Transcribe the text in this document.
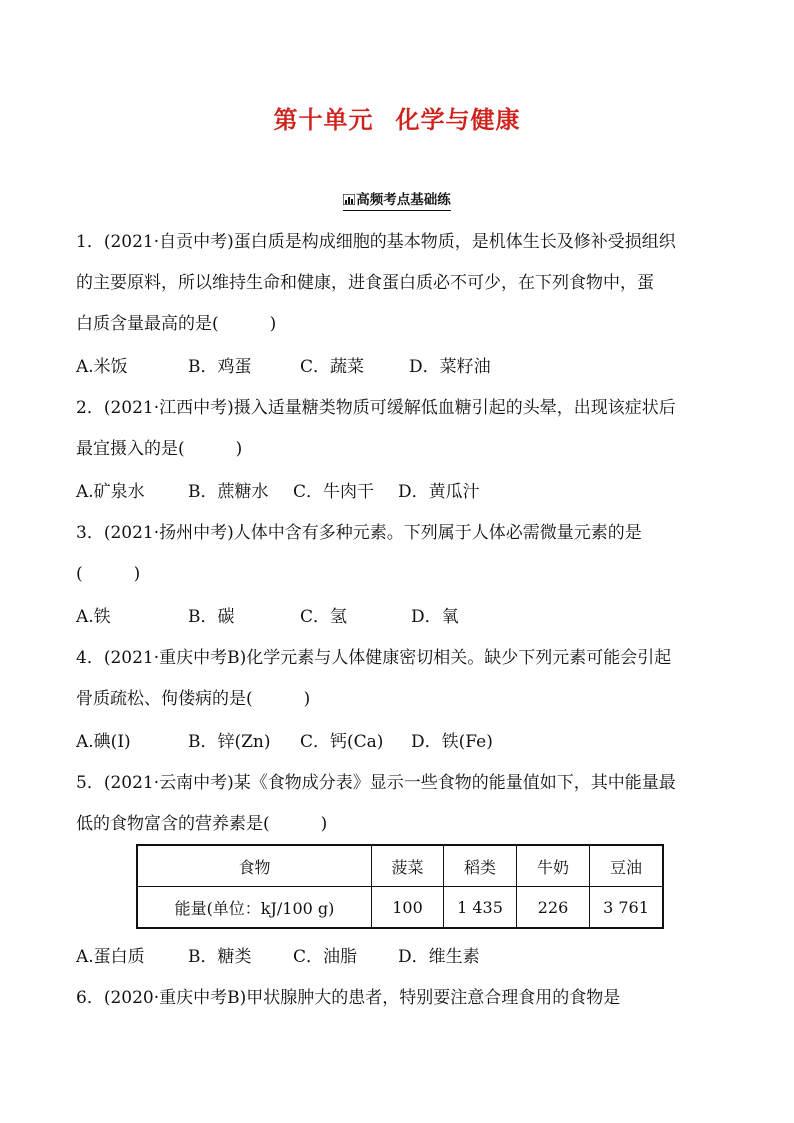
第十单元 化学与健康
高频考点基础练
1．(2021·自贡中考)蛋白质是构成细胞的基本物质，是机体生长及修补受损组织
的主要原料，所以维持生命和健康，进食蛋白质必不可少，在下列食物中，蛋
白质含量最高的是(　　　)
A.米饭	B．鸡蛋	C．蔬菜	D．菜籽油
2．(2021·江西中考)摄入适量糖类物质可缓解低血糖引起的头晕，出现该症状后
最宜摄入的是(　　　)
A.矿泉水	B．蔗糖水 C．牛肉干 D．黄瓜汁
3．(2021·扬州中考)人体中含有多种元素。下列属于人体必需微量元素的是
(　　　)
A.铁	B．碳	C．氢	D．氧
4．(2021·重庆中考B)化学元素与人体健康密切相关。缺少下列元素可能会引起
骨质疏松、佝偻病的是(　　　)
A.碘(I)	B．锌(Zn) C．钙(Ca) D．铁(Fe)
5．(2021·云南中考)某《食物成分表》显示一些食物的能量值如下，其中能量最
低的食物富含的营养素是(　　　)
食物	菠菜	稻类	牛奶	豆油
能量(单位：kJ/100 g)	100	1 435	226	3 761
A.蛋白质	B．糖类 C．油脂 D．维生素
6．(2020·重庆中考B)甲状腺肿大的患者，特别要注意合理食用的食物是
